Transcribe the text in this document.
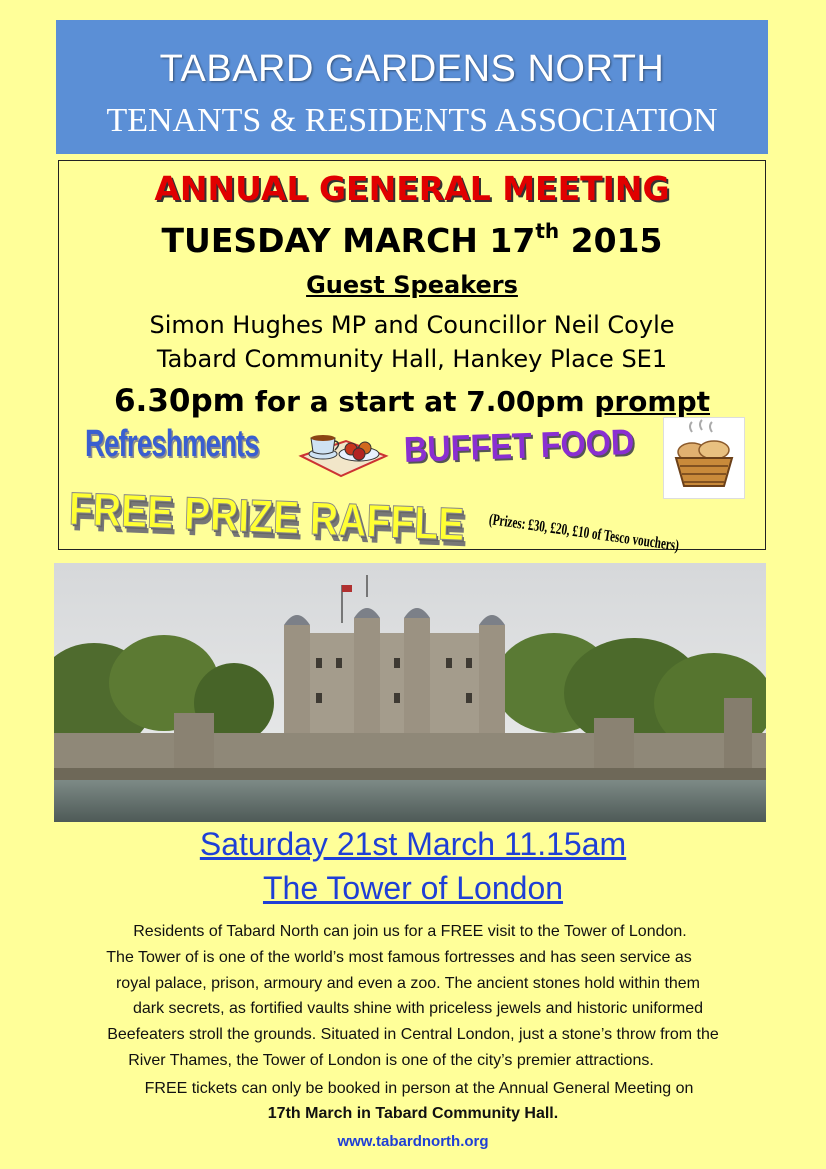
TABARD GARDENS NORTH
TENANTS & RESIDENTS ASSOCIATION
ANNUAL GENERAL MEETING
TUESDAY MARCH 17th 2015
Guest Speakers
Simon Hughes MP and Councillor Neil Coyle
Tabard Community Hall, Hankey Place SE1
6.30pm for a start at 7.00pm prompt
Refreshments	BUFFET FOOD
FREE PRIZE RAFFLE (Prizes: £30, £20, £10 of Tesco vouchers)
Saturday 21st March 11.15am
The Tower of London
Residents of Tabard North can join us for a FREE visit to the Tower of London.
The Tower of is one of the world’s most famous fortresses and has seen service as
royal palace, prison, armoury and even a zoo. The ancient stones hold within them
dark secrets, as fortified vaults shine with priceless jewels and historic uniformed
Beefeaters stroll the grounds. Situated in Central London, just a stone’s throw from the
River Thames, the Tower of London is one of the city’s premier attractions.
FREE tickets can only be booked in person at the Annual General Meeting on
17th March in Tabard Community Hall.
www.tabardnorth.org
